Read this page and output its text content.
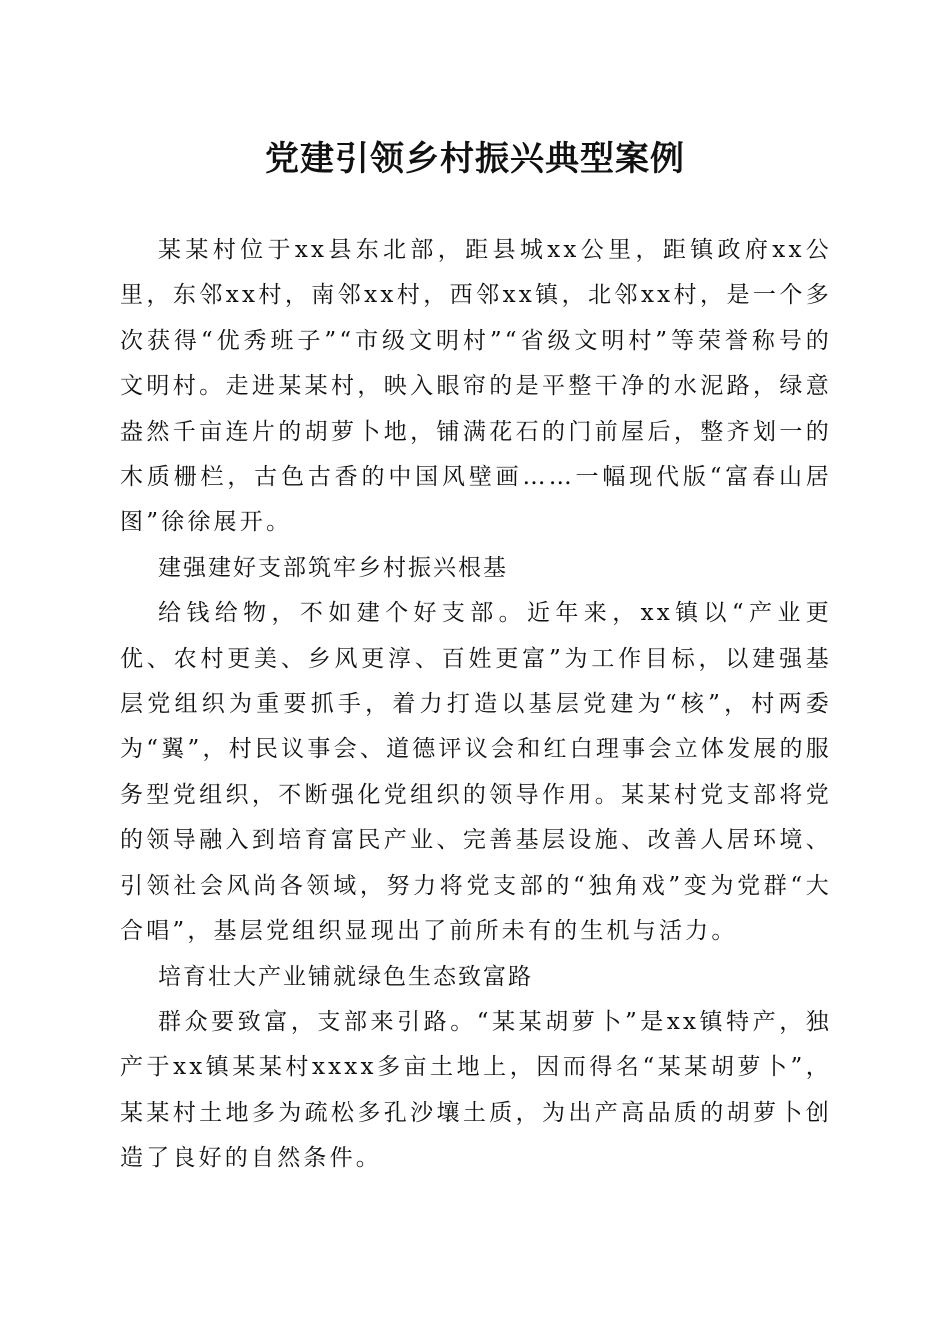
党建引领乡村振兴典型案例

某某村位于xx县东北部，距县城xx公里，距镇政府xx公里，东邻xx村，南邻xx村，西邻xx镇，北邻xx村，是一个多次获得“优秀班子”“市级文明村”“省级文明村”等荣誉称号的文明村。走进某某村，映入眼帘的是平整干净的水泥路，绿意盎然千亩连片的胡萝卜地，铺满花石的门前屋后，整齐划一的木质栅栏，古色古香的中国风壁画……一幅现代版“富春山居图”徐徐展开。

建强建好支部筑牢乡村振兴根基

给钱给物，不如建个好支部。近年来，xx镇以“产业更优、农村更美、乡风更淳、百姓更富”为工作目标，以建强基层党组织为重要抓手，着力打造以基层党建为“核”，村两委为“翼”，村民议事会、道德评议会和红白理事会立体发展的服务型党组织，不断强化党组织的领导作用。某某村党支部将党的领导融入到培育富民产业、完善基层设施、改善人居环境、引领社会风尚各领域，努力将党支部的“独角戏”变为党群“大合唱”，基层党组织显现出了前所未有的生机与活力。

培育壮大产业铺就绿色生态致富路

群众要致富，支部来引路。“某某胡萝卜”是xx镇特产，独产于xx镇某某村xxxx多亩土地上，因而得名“某某胡萝卜”，某某村土地多为疏松多孔沙壤土质，为出产高品质的胡萝卜创造了良好的自然条件。
